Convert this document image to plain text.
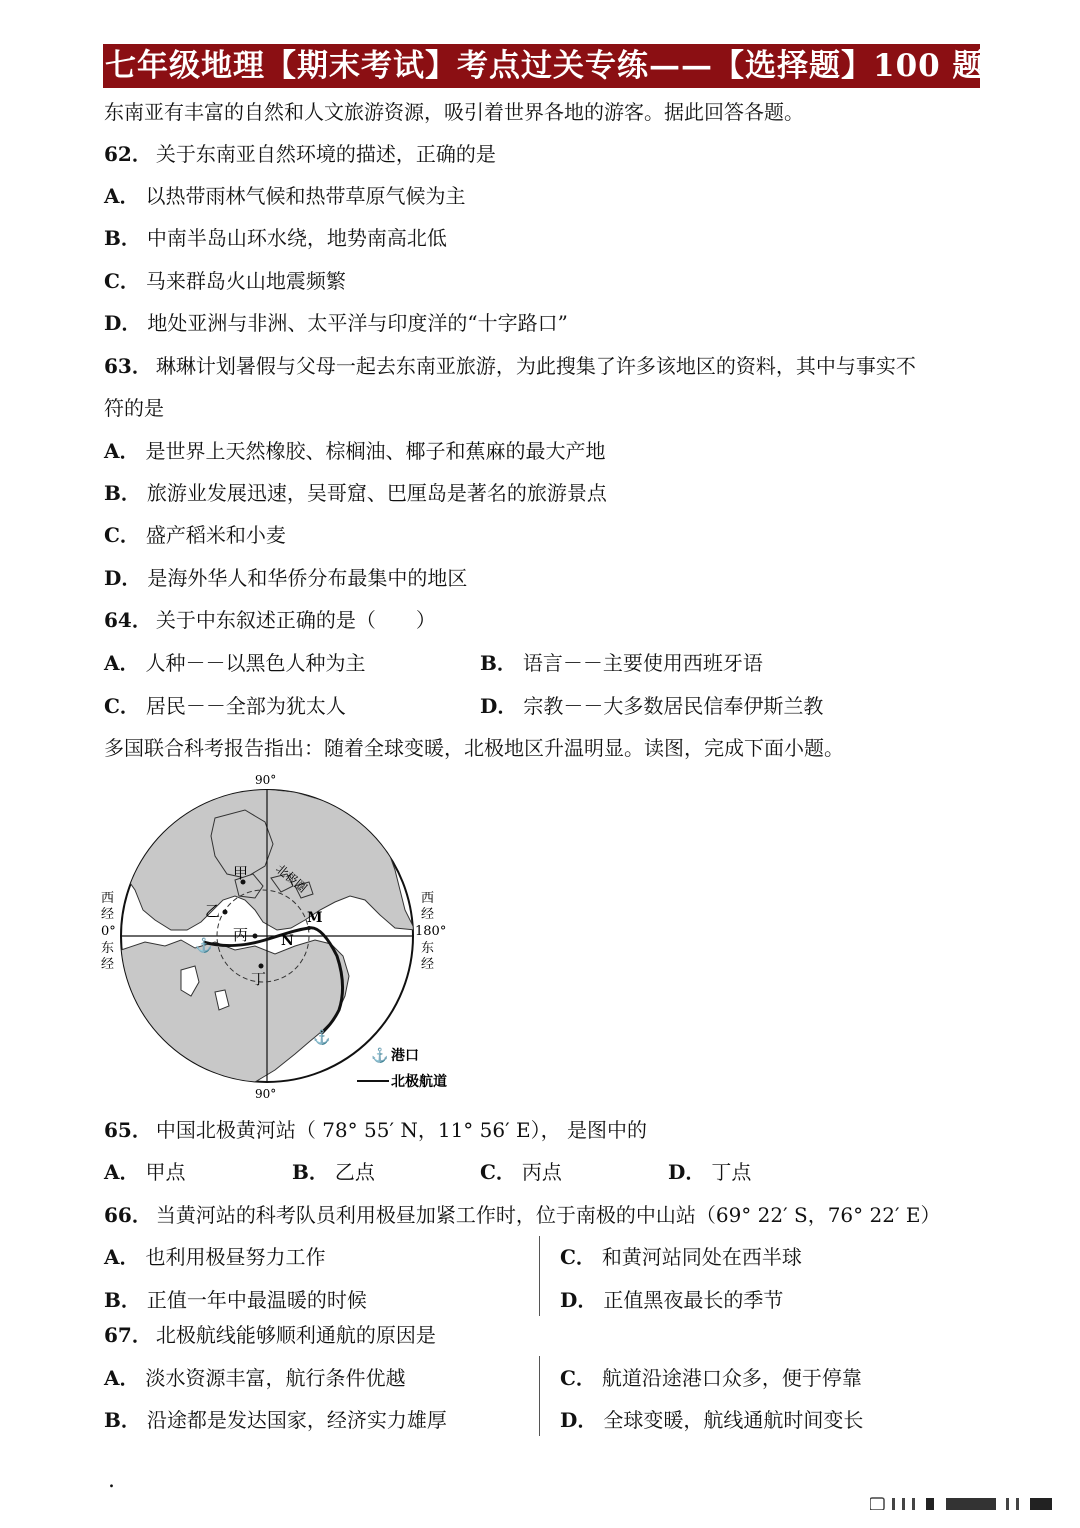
七年级地理【期末考试】考点过关专练——【选择题】100 题
东南亚有丰富的自然和人文旅游资源，吸引着世界各地的游客。据此回答各题。
62． 关于东南亚自然环境的描述，正确的是
A． 以热带雨林气候和热带草原气候为主
B． 中南半岛山环水绕，地势南高北低
C． 马来群岛火山地震频繁
D． 地处亚洲与非洲、太平洋与印度洋的“十字路口”
63． 琳琳计划暑假与父母一起去东南亚旅游，为此搜集了许多该地区的资料，其中与事实不
符的是
A． 是世界上天然橡胶、棕榈油、椰子和蕉麻的最大产地
B． 旅游业发展迅速，吴哥窟、巴厘岛是著名的旅游景点
C． 盛产稻米和小麦
D． 是海外华人和华侨分布最集中的地区
64． 关于中东叙述正确的是（　　）
A． 人种－－以黑色人种为主	B． 语言－－主要使用西班牙语
C． 居民－－全部为犹太人	D． 宗教－－大多数居民信奉伊斯兰教
多国联合科考报告指出：随着全球变暖，北极地区升温明显。读图，完成下面小题。
⚓
⚓
甲
乙
丙
丁
M
N
北极圈
90°
90°
西
经
0°
东
经
西
经
180°
东
经
⚓ 港口
北极航道
65． 中国北极黄河站（ 78° 55′ N，11° 56′ E）， 是图中的
A． 甲点	B． 乙点	C． 丙点	D． 丁点
66． 当黄河站的科考队员利用极昼加紧工作时，位于南极的中山站（69° 22′ S，76° 22′ E）
A． 也利用极昼努力工作
B． 正值一年中最温暖的时候
C． 和黄河站同处在西半球
D． 正值黑夜最长的季节
67． 北极航线能够顺利通航的原因是
A． 淡水资源丰富，航行条件优越
B． 沿途都是发达国家，经济实力雄厚
C． 航道沿途港口众多，便于停靠
D． 全球变暖，航线通航时间变长
.
